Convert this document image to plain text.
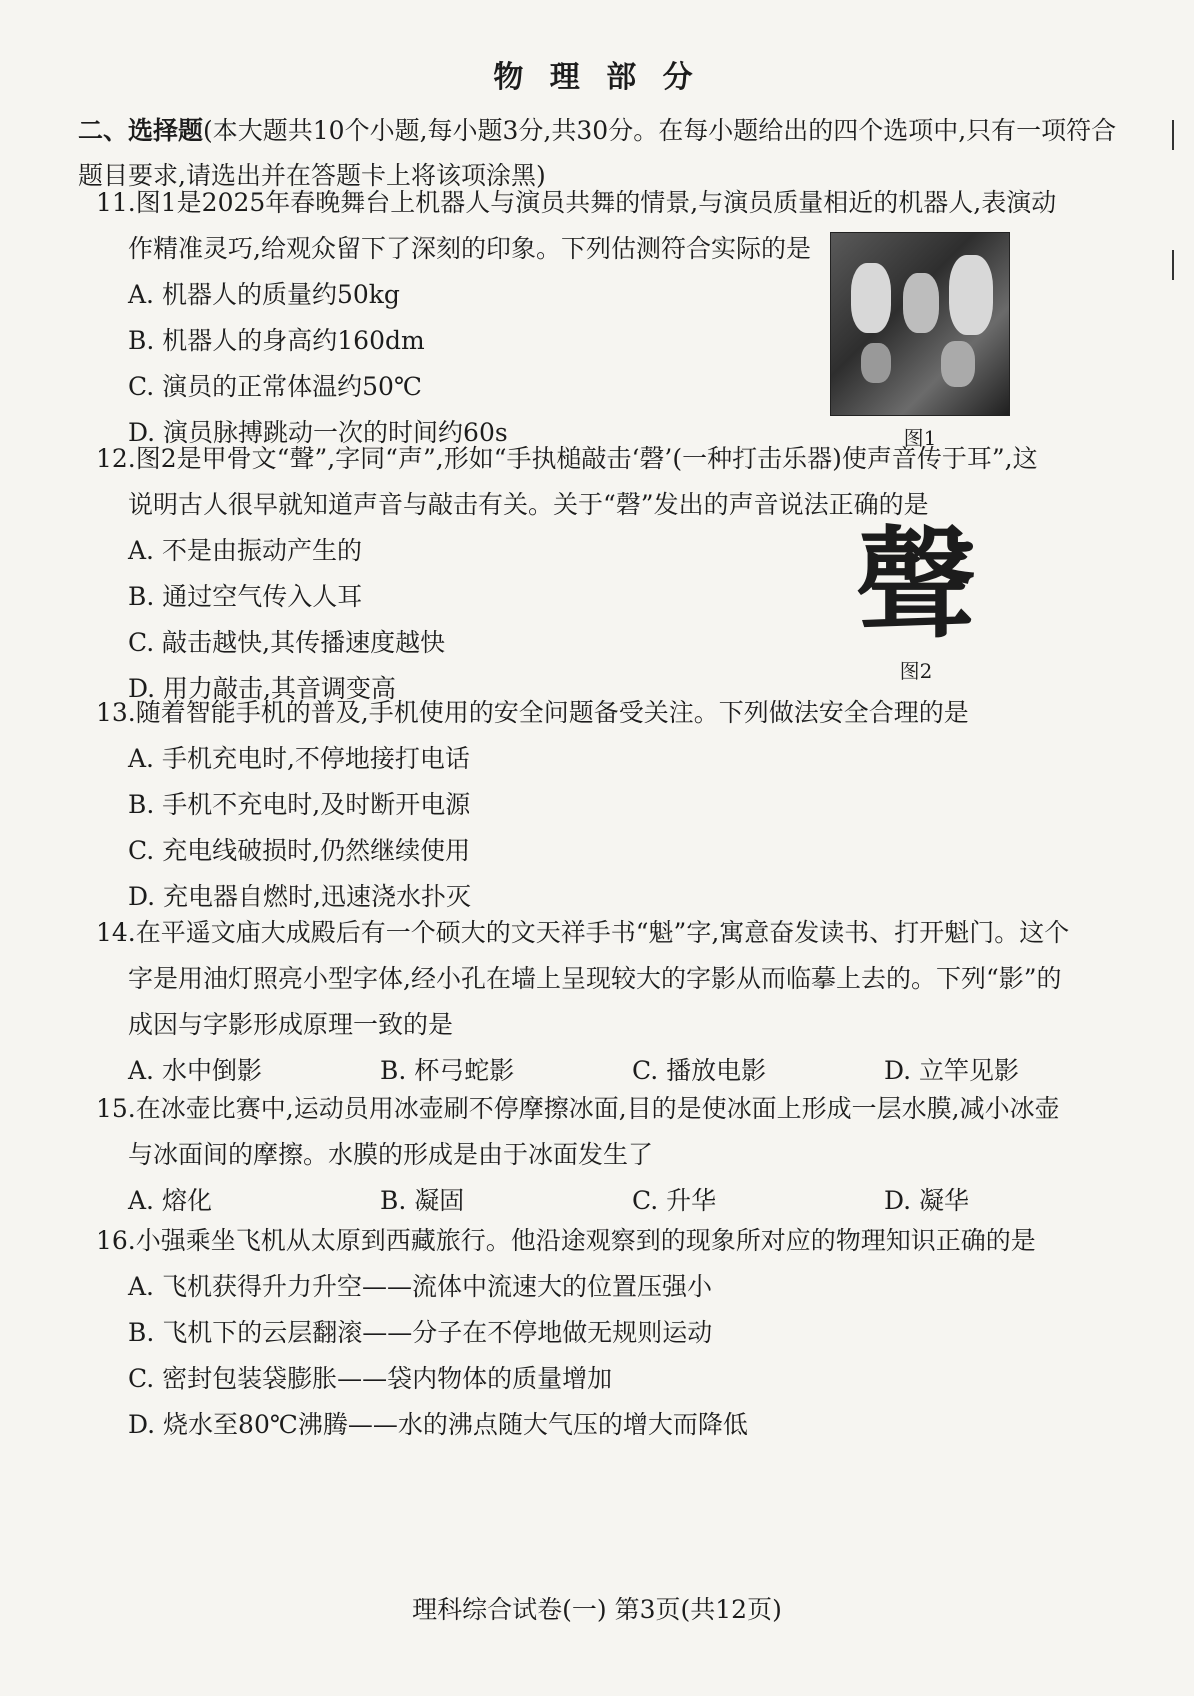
物 理 部 分
二、选择题(本大题共10个小题,每小题3分,共30分。在每小题给出的四个选项中,只有一项符合题目要求,请选出并在答题卡上将该项涂黑)
11.图1是2025年春晚舞台上机器人与演员共舞的情景,与演员质量相近的机器人,表演动
作精准灵巧,给观众留下了深刻的印象。下列估测符合实际的是
A. 机器人的质量约50kg
B. 机器人的身高约160dm
C. 演员的正常体温约50℃
D. 演员脉搏跳动一次的时间约60s	图1
12.图2是甲骨文“聲”,字同“声”,形如“手执槌敲击‘磬’(一种打击乐器)使声音传于耳”,这
说明古人很早就知道声音与敲击有关。关于“磬”发出的声音说法正确的是
A. 不是由振动产生的
B. 通过空气传入人耳
C. 敲击越快,其传播速度越快
D. 用力敲击,其音调变高
聲
图2
13.随着智能手机的普及,手机使用的安全问题备受关注。下列做法安全合理的是
A. 手机充电时,不停地接打电话
B. 手机不充电时,及时断开电源
C. 充电线破损时,仍然继续使用
D. 充电器自燃时,迅速浇水扑灭
14.在平遥文庙大成殿后有一个硕大的文天祥手书“魁”字,寓意奋发读书、打开魁门。这个
字是用油灯照亮小型字体,经小孔在墙上呈现较大的字影从而临摹上去的。下列“影”的
成因与字影形成原理一致的是
A. 水中倒影	B. 杯弓蛇影	C. 播放电影	D. 立竿见影
15.在冰壶比赛中,运动员用冰壶刷不停摩擦冰面,目的是使冰面上形成一层水膜,减小冰壶
与冰面间的摩擦。水膜的形成是由于冰面发生了
A. 熔化	B. 凝固	C. 升华	D. 凝华
16.小强乘坐飞机从太原到西藏旅行。他沿途观察到的现象所对应的物理知识正确的是
A. 飞机获得升力升空——流体中流速大的位置压强小
B. 飞机下的云层翻滚——分子在不停地做无规则运动
C. 密封包装袋膨胀——袋内物体的质量增加
D. 烧水至80℃沸腾——水的沸点随大气压的增大而降低
理科综合试卷(一) 第3页(共12页)
